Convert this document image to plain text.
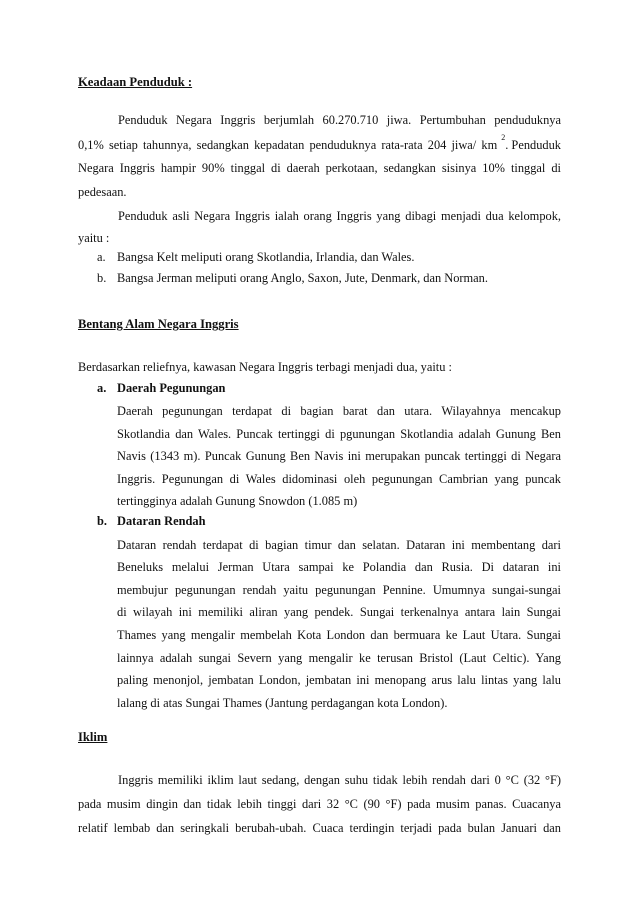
Keadaan Penduduk :
Penduduk Negara Inggris berjumlah 60.270.710 jiwa. Pertumbuhan penduduknya
0,1% setiap tahunnya, sedangkan kepadatan penduduknya rata-rata 204 jiwa/ km
2
. Penduduk
Negara Inggris hampir 90% tinggal di daerah perkotaan, sedangkan sisinya 10% tinggal di
pedesaan.
Penduduk asli Negara Inggris ialah orang Inggris yang dibagi menjadi dua kelompok,
yaitu :
a. Bangsa Kelt meliputi orang Skotlandia, Irlandia, dan Wales.
b. Bangsa Jerman meliputi orang Anglo, Saxon, Jute, Denmark, dan Norman.
Bentang Alam Negara Inggris
Berdasarkan reliefnya, kawasan Negara Inggris terbagi menjadi dua, yaitu :
a. Daerah Pegunungan
Daerah pegunungan terdapat di bagian barat dan utara. Wilayahnya mencakup
Skotlandia dan Wales. Puncak tertinggi di pgunungan Skotlandia adalah Gunung Ben
Navis (1343 m). Puncak Gunung Ben Navis ini merupakan puncak tertinggi di Negara
Inggris. Pegunungan di Wales didominasi oleh pegunungan Cambrian yang puncak
tertingginya adalah Gunung Snowdon (1.085 m)
b. Dataran Rendah
Dataran rendah terdapat di bagian timur dan selatan. Dataran ini membentang dari
Beneluks melalui Jerman Utara sampai ke Polandia dan Rusia. Di dataran ini
membujur pegunungan rendah yaitu pegunungan Pennine. Umumnya sungai-sungai
di wilayah ini memiliki aliran yang pendek. Sungai terkenalnya antara lain Sungai
Thames yang mengalir membelah Kota London dan bermuara ke Laut Utara. Sungai
lainnya adalah sungai Severn yang mengalir ke terusan Bristol (Laut Celtic). Yang
paling menonjol, jembatan London, jembatan ini menopang arus lalu lintas yang lalu
lalang di atas Sungai Thames (Jantung perdagangan kota London).
Iklim
Inggris memiliki iklim laut sedang, dengan suhu tidak lebih rendah dari 0 °C (32 °F)
pada musim dingin dan tidak lebih tinggi dari 32 °C (90 °F) pada musim panas. Cuacanya
relatif lembab dan seringkali berubah-ubah. Cuaca terdingin terjadi pada bulan Januari dan
